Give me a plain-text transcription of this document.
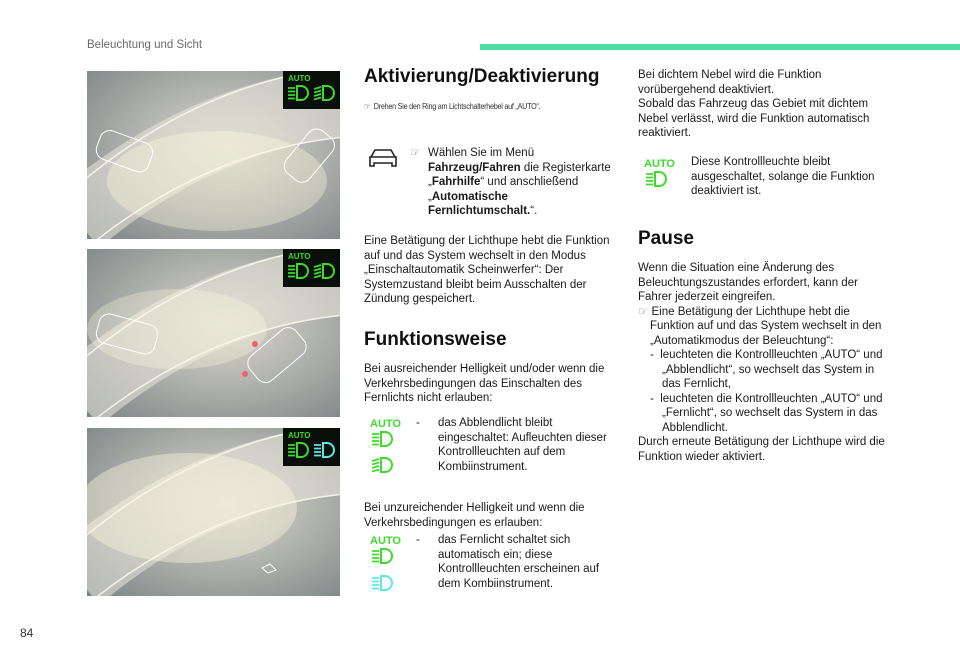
Beleuchtung und Sicht
84
AUTO
AUTO
AUTO
Aktivierung/Deaktivierung
☞ Drehen Sie den Ring am Lichtschalterhebel auf „AUTO“.
☞ Wählen Sie im Menü Fahrzeug/Fahren die Registerkarte „Fahrhilfe“ und anschließend „Automatische Fernlichtumschalt.“.
Eine Betätigung der Lichthupe hebt die Funktion auf und das System wechselt in den Modus „Einschaltautomatik Scheinwerfer“: Der Systemzustand bleibt beim Ausschalten der Zündung gespeichert.
Funktionsweise
Bei ausreichender Helligkeit und/oder wenn die Verkehrsbedingungen das Einschalten des Fernlichts nicht erlauben:
AUTO - das Abblendlicht bleibt eingeschaltet: Aufleuchten dieser Kontrollleuchten auf dem Kombiinstrument.
Bei unzureichender Helligkeit und wenn die Verkehrsbedingungen es erlauben:
AUTO - das Fernlicht schaltet sich automatisch ein; diese Kontrollleuchten erscheinen auf dem Kombiinstrument.
Bei dichtem Nebel wird die Funktion vorübergehend deaktiviert.
Sobald das Fahrzeug das Gebiet mit dichtem Nebel verlässt, wird die Funktion automatisch reaktiviert.
AUTO Diese Kontrollleuchte bleibt ausgeschaltet, solange die Funktion deaktiviert ist.
Pause
Wenn die Situation eine Änderung des Beleuchtungszustandes erfordert, kann der Fahrer jederzeit eingreifen.
☞ Eine Betätigung der Lichthupe hebt die Funktion auf und das System wechselt in den „Automatikmodus der Beleuchtung“:
- leuchteten die Kontrollleuchten „AUTO“ und „Abblendlicht“, so wechselt das System in das Fernlicht,
- leuchteten die Kontrollleuchten „AUTO“ und „Fernlicht“, so wechselt das System in das Abblendlicht.
Durch erneute Betätigung der Lichthupe wird die Funktion wieder aktiviert.
